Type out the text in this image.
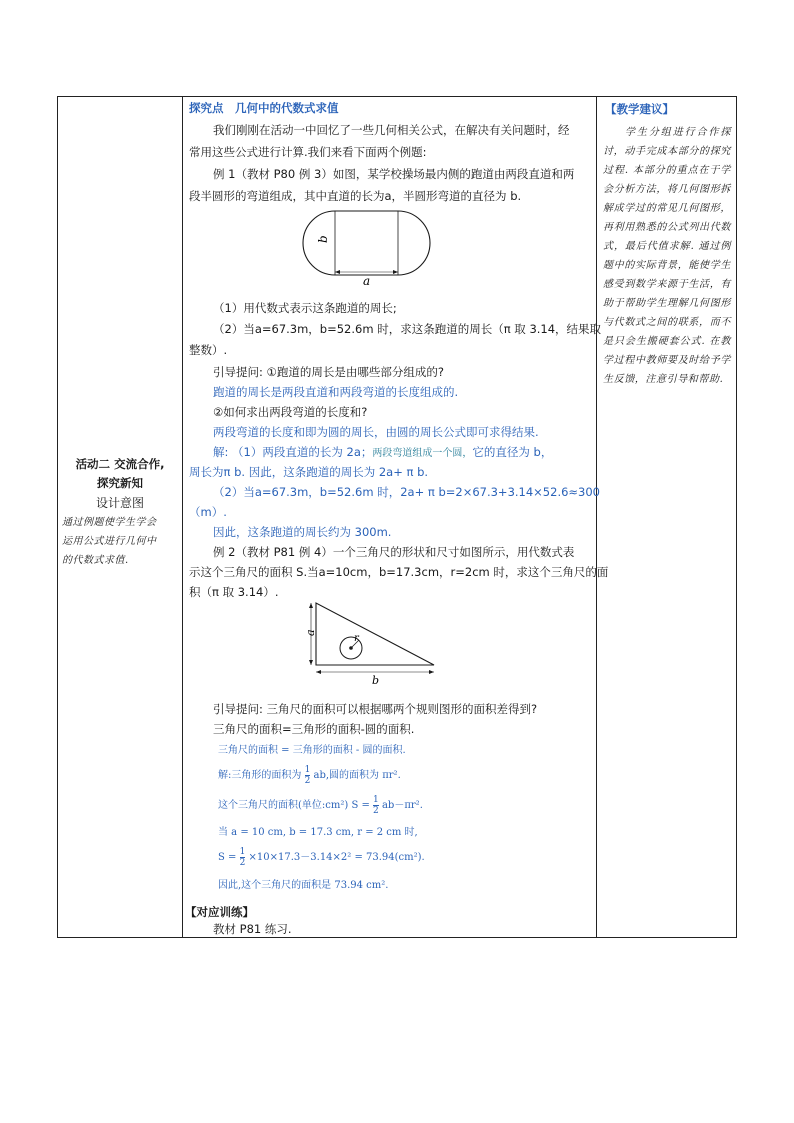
活动二 交流合作,
探究新知
设计意图
通过例题使学生学会
运用公式进行几何中
的代数式求值.
探究点　几何中的代数式求值
我们刚刚在活动一中回忆了一些几何相关公式，在解决有关问题时，经
常用这些公式进行计算.我们来看下面两个例题:
例 1（教材 P80 例 3）如图，某学校操场最内侧的跑道由两段直道和两
段半圆形的弯道组成，其中直道的长为a，半圆形弯道的直径为 b.
a
b
（1）用代数式表示这条跑道的周长;
（2）当a=67.3m，b=52.6m 时，求这条跑道的周长（π 取 3.14，结果取
整数）.
引导提问: ①跑道的周长是由哪些部分组成的?
跑道的周长是两段直道和两段弯道的长度组成的.
②如何求出两段弯道的长度和?
两段弯道的长度和即为圆的周长，由圆的周长公式即可求得结果.
解: （1）两段直道的长为 2a；两段弯道组成一个圆，它的直径为 b，
周长为π b. 因此，这条跑道的周长为 2a+ π b.
（2）当a=67.3m，b=52.6m 时，2a+ π b=2×67.3+3.14×52.6≈300
（m）.
因此，这条跑道的周长约为 300m.
例 2（教材 P81 例 4）一个三角尺的形状和尺寸如图所示，用代数式表
示这个三角尺的面积 S.当a=10cm，b=17.3cm，r=2cm 时，求这个三角尺的面
积（π 取 3.14）.
b
a
r
引导提问: 三角尺的面积可以根据哪两个规则图形的面积差得到?
三角尺的面积=三角形的面积-圆的面积.
三角尺的面积 = 三角形的面积 - 圆的面积.
解:三角形的面积为 $\frac{1}{2}$ ab,圆的面积为 πr².
这个三角尺的面积(单位:cm²) $S = \frac{1}{2} ab-\pi r^2$.
当 a = 10 cm, b = 17.3 cm, r = 2 cm 时,
$S = \frac{1}{2} \times 10\times 17.3-3.14\times 2^2 = 73.94(cm^2)$.
因此,这个三角尺的面积是 73.94 cm².
【对应训练】
教材 P81 练习.
【教学建议】
学生分组进行合作探讨，动手完成本部分的探究过程. 本部分的重点在于学会分析方法，将几何图形拆解成学过的常见几何图形，再利用熟悉的公式列出代数式，最后代值求解. 通过例题中的实际背景，能使学生感受到数学来源于生活，有助于帮助学生理解几何图形与代数式之间的联系，而不是只会生搬硬套公式. 在教学过程中教师要及时给予学生反馈，注意引导和帮助.
